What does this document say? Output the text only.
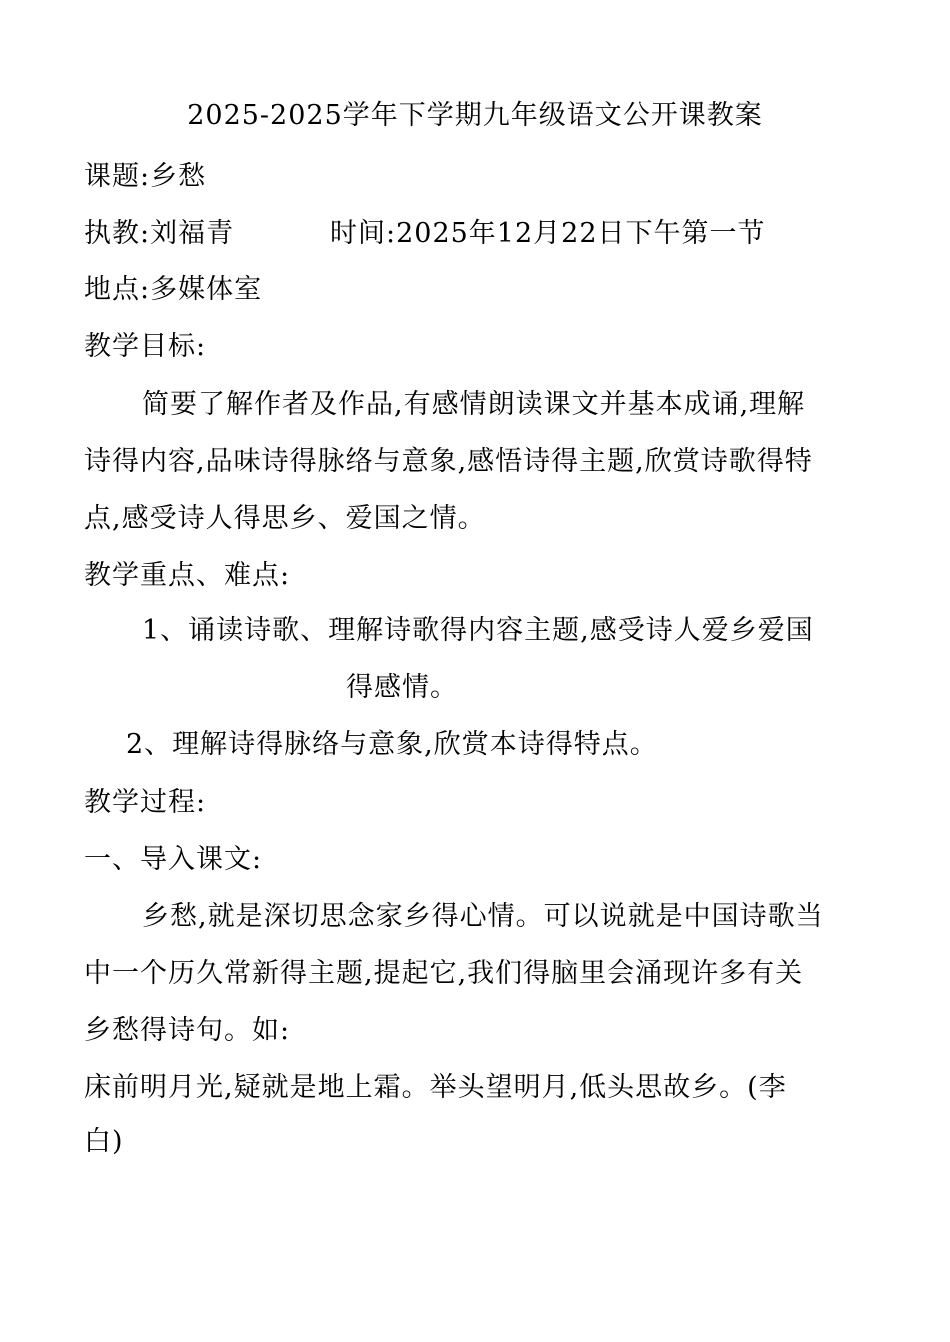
2025-2025学年下学期九年级语文公开课教案
课题:乡愁
执教:刘福青	时间:2025年12月22日下午第一节
地点:多媒体室
教学目标:
简要了解作者及作品,有感情朗读课文并基本成诵,理解
诗得内容,品味诗得脉络与意象,感悟诗得主题,欣赏诗歌得特
点,感受诗人得思乡、爱国之情。
教学重点、难点:
1、诵读诗歌、理解诗歌得内容主题,感受诗人爱乡爱国
得感情。
2、理解诗得脉络与意象,欣赏本诗得特点。
教学过程:
一、导入课文:
乡愁,就是深切思念家乡得心情。可以说就是中国诗歌当
中一个历久常新得主题,提起它,我们得脑里会涌现许多有关
乡愁得诗句。如:
床前明月光,疑就是地上霜。举头望明月,低头思故乡。(李
白)
